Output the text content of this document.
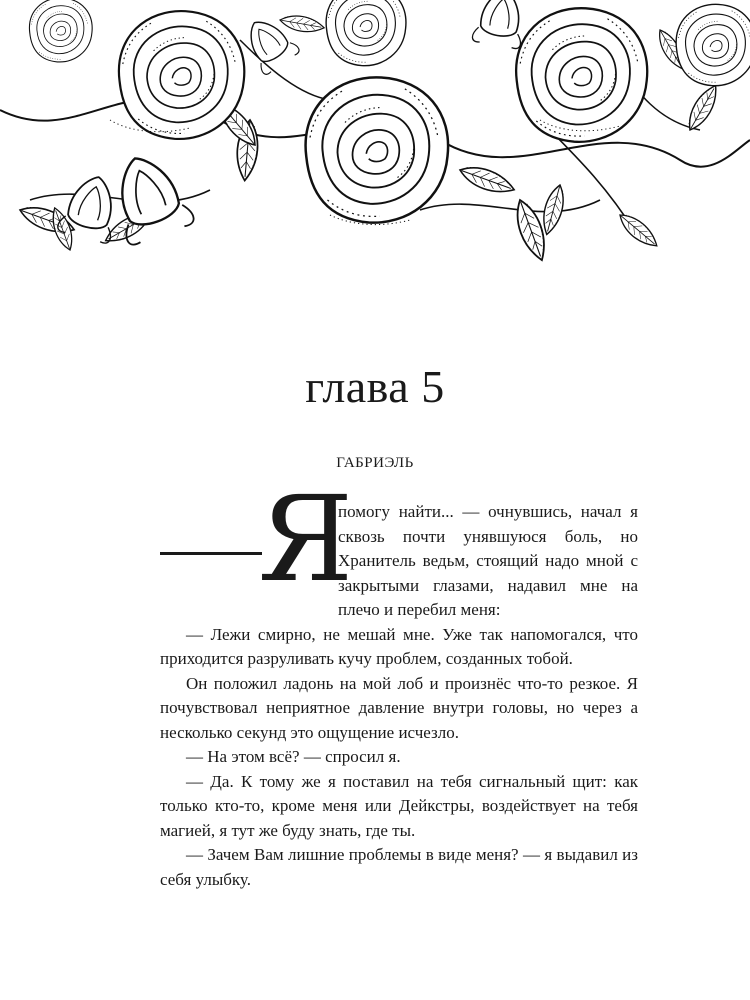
глава 5
ГАБРИЭЛЬ
Я

помогу найти... — очнувшись, начал я сквозь почти унявшуюся боль, но Хранитель ведьм, стоящий надо мной с закрытыми глазами, надавил мне на плечо и перебил меня:

— Лежи смирно, не мешай мне. Уже так напомогался, что приходится разруливать кучу проблем, созданных тобой.

Он положил ладонь на мой лоб и произнёс что-то резкое. Я почувствовал неприятное давление внутри головы, но через а несколько секунд это ощущение исчезло.

— На этом всё? — спросил я.

— Да. К тому же я поставил на тебя сигнальный щит: как только кто-то, кроме меня или Дейкстры, воздействует на тебя магией, я тут же буду знать, где ты.

— Зачем Вам лишние проблемы в виде меня? — я выдавил из себя улыбку.
